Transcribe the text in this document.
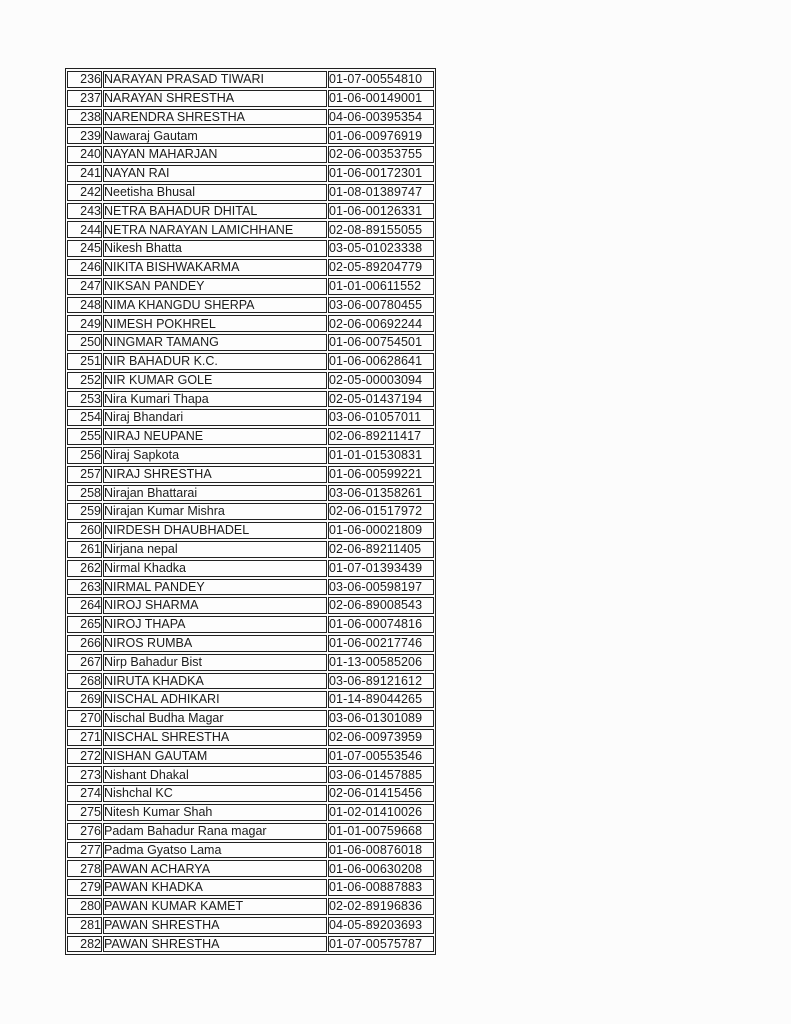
236	NARAYAN PRASAD TIWARI	01-07-00554810
237	NARAYAN SHRESTHA	01-06-00149001
238	NARENDRA SHRESTHA	04-06-00395354
239	Nawaraj Gautam	01-06-00976919
240	NAYAN MAHARJAN	02-06-00353755
241	NAYAN RAI	01-06-00172301
242	Neetisha Bhusal	01-08-01389747
243	NETRA BAHADUR DHITAL	01-06-00126331
244	NETRA NARAYAN LAMICHHANE	02-08-89155055
245	Nikesh Bhatta	03-05-01023338
246	NIKITA BISHWAKARMA	02-05-89204779
247	NIKSAN PANDEY	01-01-00611552
248	NIMA KHANGDU SHERPA	03-06-00780455
249	NIMESH POKHREL	02-06-00692244
250	NINGMAR TAMANG	01-06-00754501
251	NIR BAHADUR K.C.	01-06-00628641
252	NIR KUMAR GOLE	02-05-00003094
253	Nira Kumari Thapa	02-05-01437194
254	Niraj Bhandari	03-06-01057011
255	NIRAJ NEUPANE	02-06-89211417
256	Niraj Sapkota	01-01-01530831
257	NIRAJ SHRESTHA	01-06-00599221
258	Nirajan Bhattarai	03-06-01358261
259	Nirajan Kumar Mishra	02-06-01517972
260	NIRDESH DHAUBHADEL	01-06-00021809
261	Nirjana nepal	02-06-89211405
262	Nirmal Khadka	01-07-01393439
263	NIRMAL PANDEY	03-06-00598197
264	NIROJ SHARMA	02-06-89008543
265	NIROJ THAPA	01-06-00074816
266	NIROS RUMBA	01-06-00217746
267	Nirp Bahadur Bist	01-13-00585206
268	NIRUTA KHADKA	03-06-89121612
269	NISCHAL ADHIKARI	01-14-89044265
270	Nischal Budha Magar	03-06-01301089
271	NISCHAL SHRESTHA	02-06-00973959
272	NISHAN GAUTAM	01-07-00553546
273	Nishant Dhakal	03-06-01457885
274	Nishchal KC	02-06-01415456
275	Nitesh Kumar Shah	01-02-01410026
276	Padam Bahadur Rana magar	01-01-00759668
277	Padma Gyatso Lama	01-06-00876018
278	PAWAN ACHARYA	01-06-00630208
279	PAWAN KHADKA	01-06-00887883
280	PAWAN KUMAR KAMET	02-02-89196836
281	PAWAN SHRESTHA	04-05-89203693
282	PAWAN SHRESTHA	01-07-00575787
